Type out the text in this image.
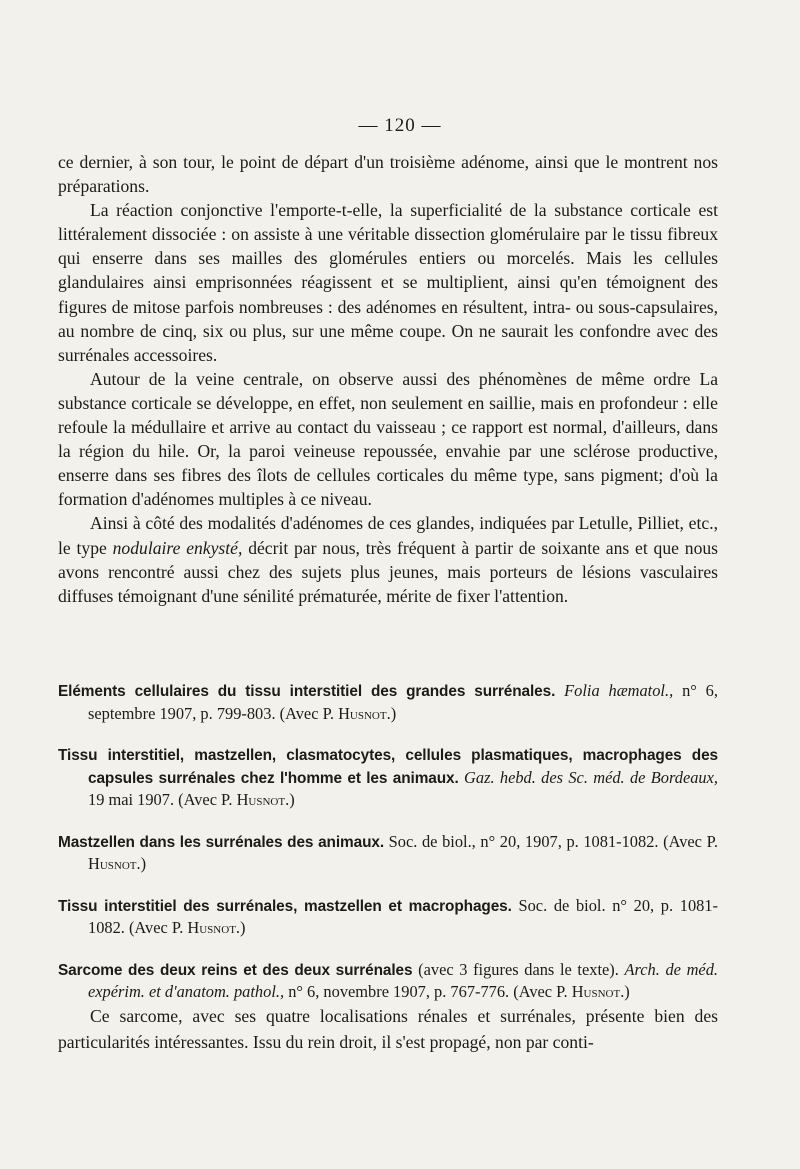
— 120 —

ce dernier, à son tour, le point de départ d'un troisième adénome, ainsi que le montrent nos préparations.

La réaction conjonctive l'emporte-t-elle, la superficialité de la substance corticale est littéralement dissociée : on assiste à une véritable dissection glomérulaire par le tissu fibreux qui enserre dans ses mailles des glomérules entiers ou morcelés. Mais les cellules glandulaires ainsi emprisonnées réagissent et se multiplient, ainsi qu'en témoignent des figures de mitose parfois nombreuses : des adénomes en résultent, intra- ou sous-capsulaires, au nombre de cinq, six ou plus, sur une même coupe. On ne saurait les confondre avec des surrénales accessoires.

Autour de la veine centrale, on observe aussi des phénomènes de même ordre La substance corticale se développe, en effet, non seulement en saillie, mais en profondeur : elle refoule la médullaire et arrive au contact du vaisseau ; ce rapport est normal, d'ailleurs, dans la région du hile. Or, la paroi veineuse repoussée, envahie par une sclérose productive, enserre dans ses fibres des îlots de cellules corticales du même type, sans pigment; d'où la formation d'adénomes multiples à ce niveau.

Ainsi à côté des modalités d'adénomes de ces glandes, indiquées par Letulle, Pilliet, etc., le type nodulaire enkysté, décrit par nous, très fréquent à partir de soixante ans et que nous avons rencontré aussi chez des sujets plus jeunes, mais porteurs de lésions vasculaires diffuses témoignant d'une sénilité prématurée, mérite de fixer l'attention.

Eléments cellulaires du tissu interstitiel des grandes surrénales. Folia hæmatol., n° 6, septembre 1907, p. 799-803. (Avec P. Husnot.)

Tissu interstitiel, mastzellen, clasmatocytes, cellules plasmatiques, macrophages des capsules surrénales chez l'homme et les animaux. Gaz. hebd. des Sc. méd. de Bordeaux, 19 mai 1907. (Avec P. Husnot.)

Mastzellen dans les surrénales des animaux. Soc. de biol., n° 20, 1907, p. 1081-1082. (Avec P. Husnot.)

Tissu interstitiel des surrénales, mastzellen et macrophages. Soc. de biol. n° 20, p. 1081-1082. (Avec P. Husnot.)

Sarcome des deux reins et des deux surrénales (avec 3 figures dans le texte). Arch. de méd. expérim. et d'anatom. pathol., n° 6, novembre 1907, p. 767-776. (Avec P. Husnot.)

Ce sarcome, avec ses quatre localisations rénales et surrénales, présente bien des particularités intéressantes. Issu du rein droit, il s'est propagé, non par conti-
